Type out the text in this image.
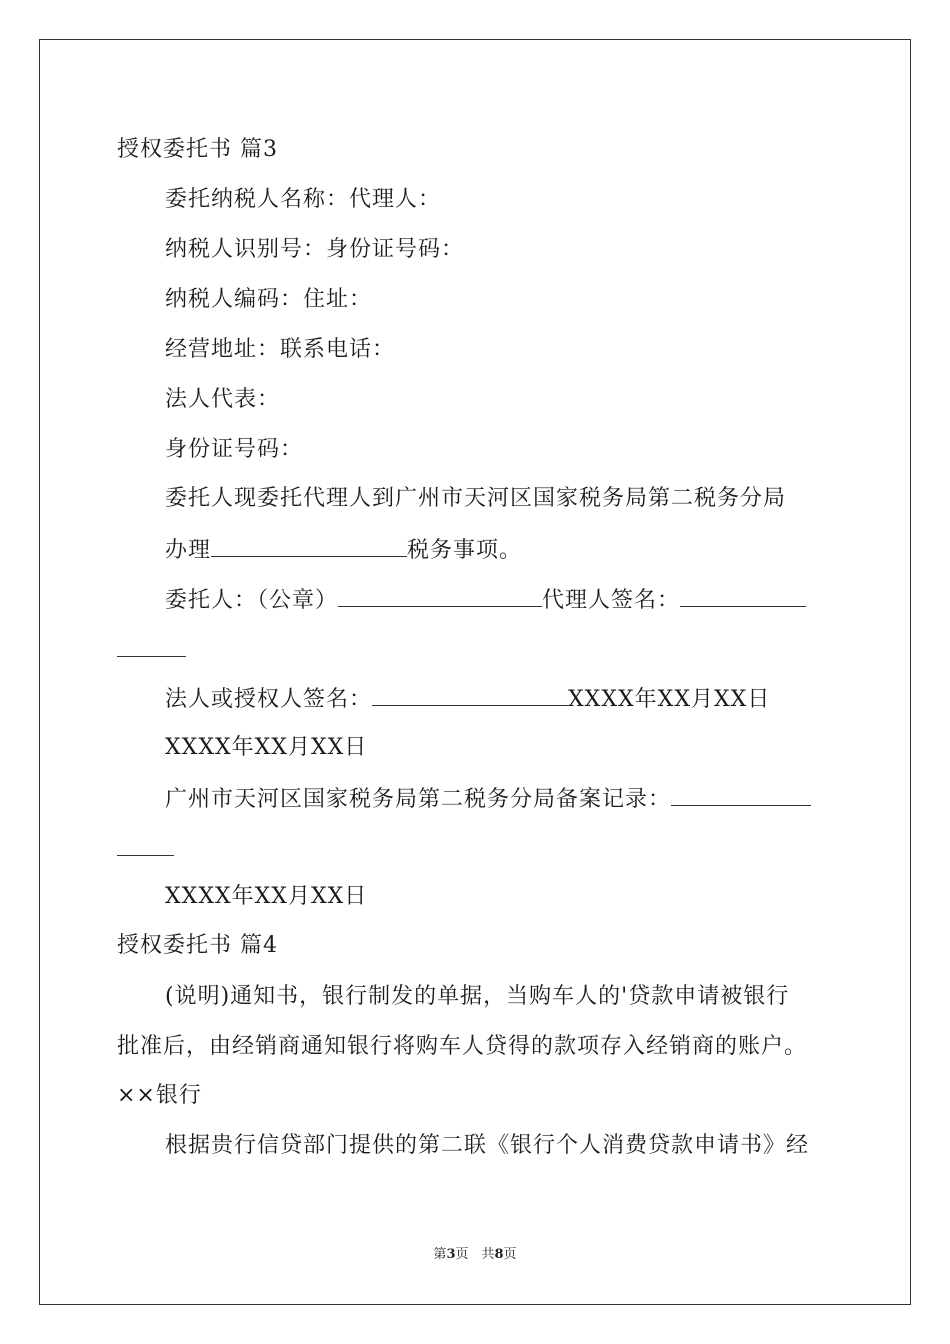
授权委托书 篇3
委托纳税人名称：代理人：
纳税人识别号：身份证号码：
纳税人编码：住址：
经营地址：联系电话：
法人代表：
身份证号码：
委托人现委托代理人到广州市天河区国家税务局第二税务分局
办理	税务事项。
委托人：（公章）	代理人签名：
法人或授权人签名：	XXXX年XX月XX日
XXXX年XX月XX日
广州市天河区国家税务局第二税务分局备案记录：
XXXX年XX月XX日
授权委托书 篇4
(说明)通知书，银行制发的单据，当购车人的'贷款申请被银行
批准后，由经销商通知银行将购车人贷得的款项存入经销商的账户。
××银行
根据贵行信贷部门提供的第二联《银行个人消费贷款申请书》经
第3页　共8页
